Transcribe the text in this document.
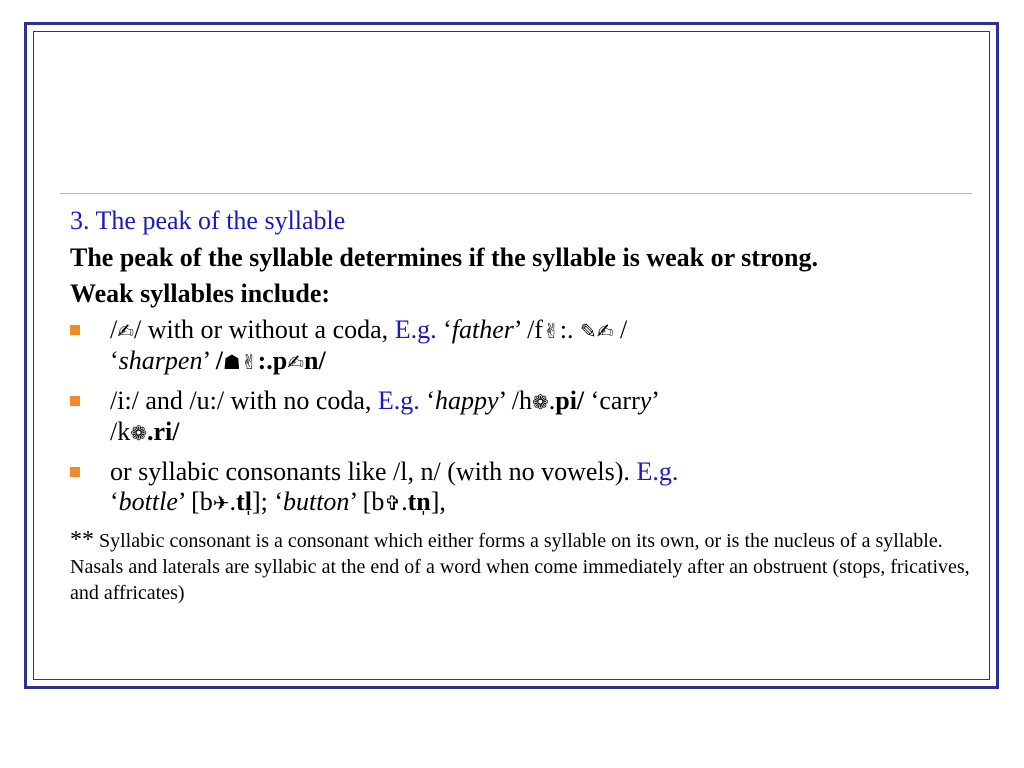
3. The peak of the syllable
The peak of the syllable determines if the syllable is weak or strong.
Weak syllables include:
/✍/ with or without a coda, E.g. ‘father’ /f✌:. ✎✍ /
‘sharpen’ /☗✌:.p✍n/
/i:/ and /u:/ with no coda, E.g. ‘happy’ /h❁.pi/ ‘carry’
/k❁.ri/
or syllabic consonants like /l, n/ (with no vowels). E.g.
‘bottle’ [b✈.tl̩]; ‘button’ [b✞.tn̩],
** Syllabic consonant is a consonant which either forms a syllable on its own, or is the nucleus of a syllable. Nasals and laterals are syllabic at the end of a word when come immediately after an obstruent (stops, fricatives, and affricates)
